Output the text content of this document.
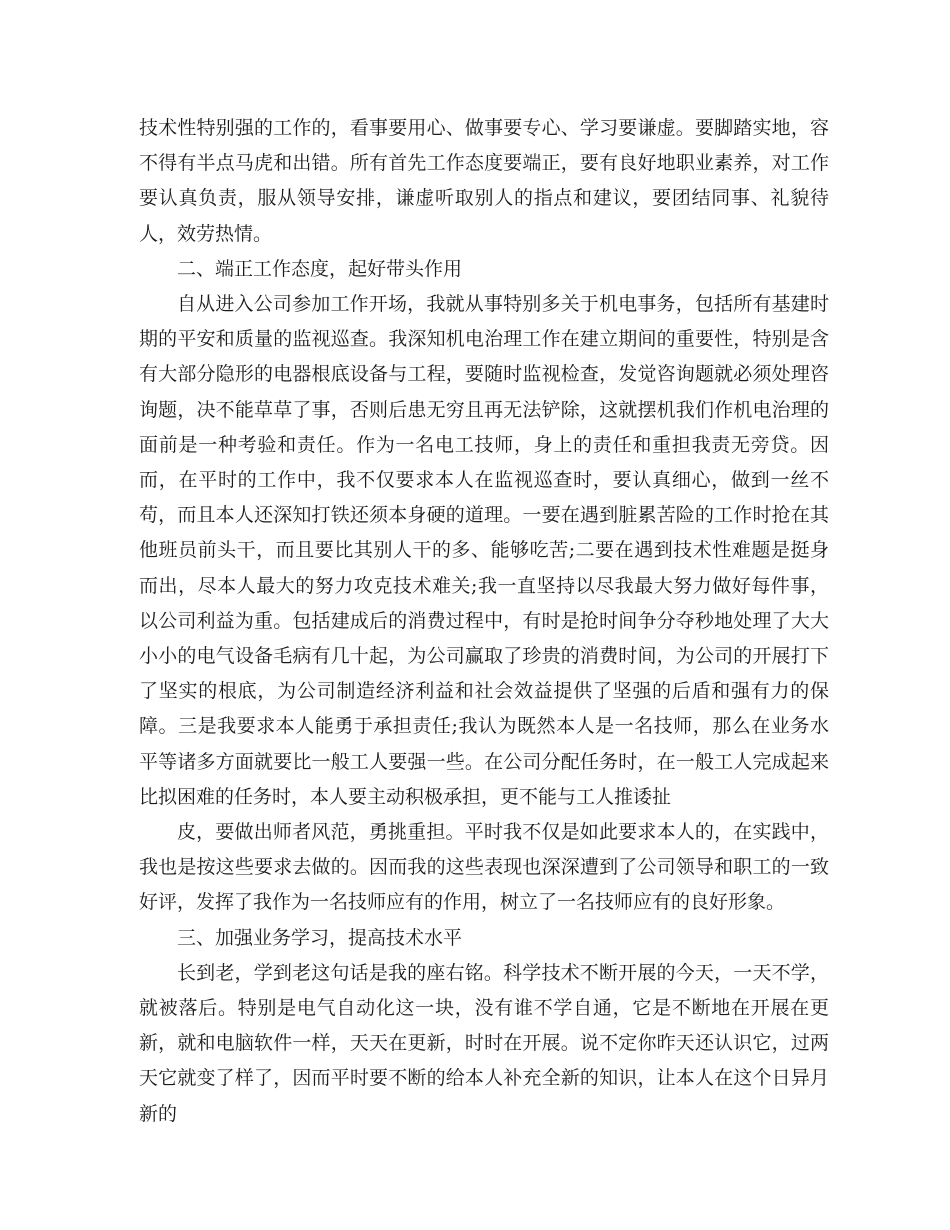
技术性特别强的工作的，看事要用心、做事要专心、学习要谦虚。要脚踏实地，容不得有半点马虎和出错。所有首先工作态度要端正，要有良好地职业素养，对工作要认真负责，服从领导安排，谦虚听取别人的指点和建议，要团结同事、礼貌待人，效劳热情。

二、端正工作态度，起好带头作用

自从进入公司参加工作开场，我就从事特别多关于机电事务，包括所有基建时期的平安和质量的监视巡查。我深知机电治理工作在建立期间的重要性，特别是含有大部分隐形的电器根底设备与工程，要随时监视检查，发觉咨询题就必须处理咨询题，决不能草草了事，否则后患无穷且再无法铲除，这就摆机我们作机电治理的面前是一种考验和责任。作为一名电工技师，身上的责任和重担我责无旁贷。因而，在平时的工作中，我不仅要求本人在监视巡查时，要认真细心，做到一丝不苟，而且本人还深知打铁还须本身硬的道理。一要在遇到脏累苦险的工作时抢在其他班员前头干，而且要比其别人干的多、能够吃苦;二要在遇到技术性难题是挺身而出，尽本人最大的努力攻克技术难关;我一直坚持以尽我最大努力做好每件事，以公司利益为重。包括建成后的消费过程中，有时是抢时间争分夺秒地处理了大大小小的电气设备毛病有几十起，为公司赢取了珍贵的消费时间，为公司的开展打下了坚实的根底，为公司制造经济利益和社会效益提供了坚强的后盾和强有力的保障。三是我要求本人能勇于承担责任;我认为既然本人是一名技师，那么在业务水平等诸多方面就要比一般工人要强一些。在公司分配任务时，在一般工人完成起来比拟困难的任务时，本人要主动积极承担，更不能与工人推诿扯

皮，要做出师者风范，勇挑重担。平时我不仅是如此要求本人的，在实践中，我也是按这些要求去做的。因而我的这些表现也深深遭到了公司领导和职工的一致好评，发挥了我作为一名技师应有的作用，树立了一名技师应有的良好形象。

三、加强业务学习，提高技术水平

长到老，学到老这句话是我的座右铭。科学技术不断开展的今天，一天不学，就被落后。特别是电气自动化这一块，没有谁不学自通，它是不断地在开展在更新，就和电脑软件一样，天天在更新，时时在开展。说不定你昨天还认识它，过两天它就变了样了，因而平时要不断的给本人补充全新的知识，让本人在这个日异月新的
